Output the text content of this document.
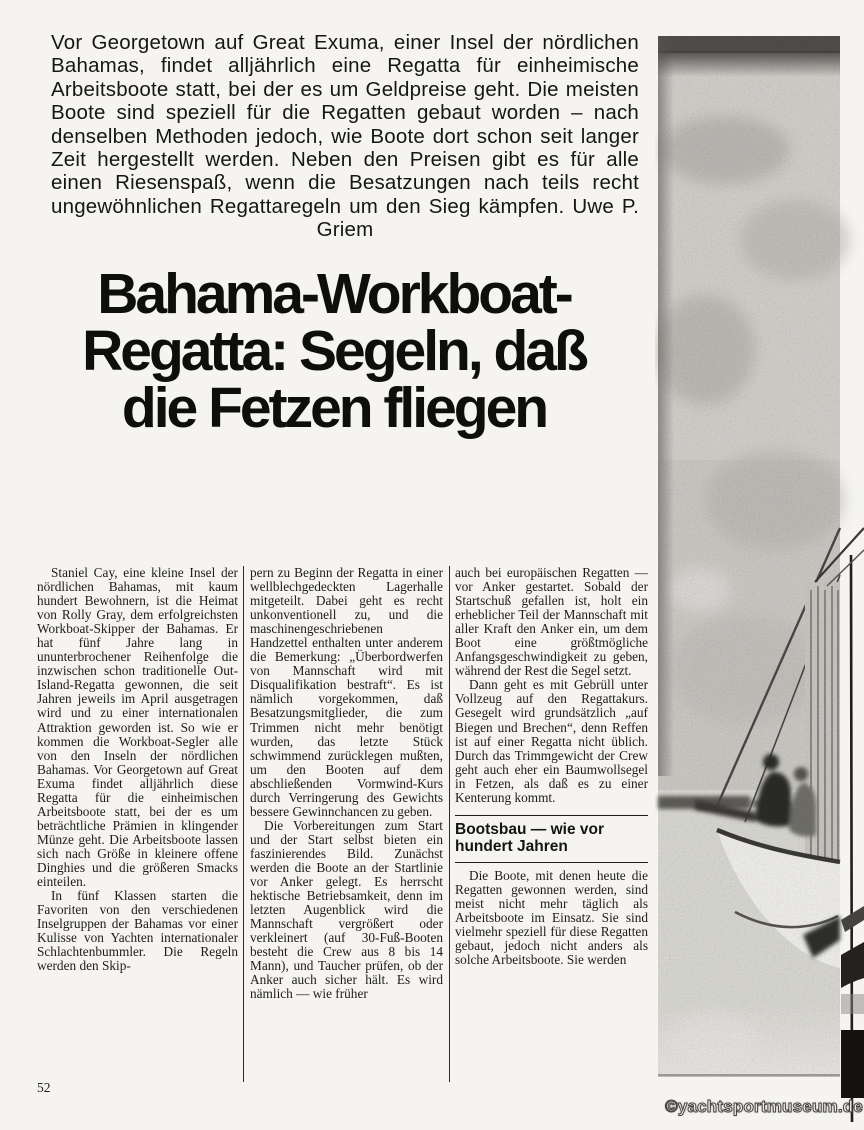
Vor Georgetown auf Great Exuma, einer Insel der nördlichen Bahamas, findet alljährlich eine Regatta für einheimische Arbeitsboote statt, bei der es um Geldpreise geht. Die meisten Boote sind speziell für die Regatten gebaut worden – nach denselben Methoden jedoch, wie Boote dort schon seit langer Zeit hergestellt werden. Neben den Preisen gibt es für alle einen Riesenspaß, wenn die Besatzungen nach teils recht ungewöhnlichen Regattaregeln um den Sieg kämpfen. Uwe P. Griem
Bahama-Workboat-
Regatta: Segeln, daß
die Fetzen fliegen

Staniel Cay, eine kleine Insel der nördlichen Bahamas, mit kaum hundert Bewohnern, ist die Heimat von Rolly Gray, dem erfolgreichsten Workboat-Skipper der Bahamas. Er hat fünf Jahre lang in ununterbrochener Reihenfolge die inzwischen schon traditionelle Out-Island-Regatta gewonnen, die seit Jahren jeweils im April ausgetragen wird und zu einer internationalen Attraktion geworden ist. So wie er kommen die Workboat-Segler alle von den Inseln der nördlichen Bahamas. Vor Georgetown auf Great Exuma findet alljährlich diese Regatta für die einheimischen Arbeitsboote statt, bei der es um beträchtliche Prämien in klingender Münze geht. Die Arbeitsboote lassen sich nach Größe in kleinere offene Dinghies und die größeren Smacks einteilen.

In fünf Klassen starten die Favoriten von den verschiedenen Inselgruppen der Bahamas vor einer Kulisse von Yachten internationaler Schlachtenbummler. Die Regeln werden den Skip-

pern zu Beginn der Regatta in einer wellblechgedeckten Lagerhalle mitgeteilt. Dabei geht es recht unkonventionell zu, und die maschinengeschriebenen Handzettel enthalten unter anderem die Bemerkung: „Überbordwerfen von Mannschaft wird mit Disqualifikation bestraft“. Es ist nämlich vorgekommen, daß Besatzungsmitglieder, die zum Trimmen nicht mehr benötigt wurden, das letzte Stück schwimmend zurücklegen mußten, um den Booten auf dem abschließenden Vormwind-Kurs durch Verringerung des Gewichts bessere Gewinnchancen zu geben.

Die Vorbereitungen zum Start und der Start selbst bieten ein faszinierendes Bild. Zunächst werden die Boote an der Startlinie vor Anker gelegt. Es herrscht hektische Betriebsamkeit, denn im letzten Augenblick wird die Mannschaft vergrößert oder verkleinert (auf 30-Fuß-Booten besteht die Crew aus 8 bis 14 Mann), und Taucher prüfen, ob der Anker auch sicher hält. Es wird nämlich — wie früher

auch bei europäischen Regatten — vor Anker gestartet. Sobald der Startschuß gefallen ist, holt ein erheblicher Teil der Mannschaft mit aller Kraft den Anker ein, um dem Boot eine größtmögliche Anfangsgeschwindigkeit zu geben, während der Rest die Segel setzt.

Dann geht es mit Gebrüll unter Vollzeug auf den Regattakurs. Gesegelt wird grundsätzlich „auf Biegen und Brechen“, denn Reffen ist auf einer Regatta nicht üblich. Durch das Trimmgewicht der Crew geht auch eher ein Baumwollsegel in Fetzen, als daß es zu einer Kenterung kommt.

Bootsbau — wie vor hundert Jahren

Die Boote, mit denen heute die Regatten gewonnen werden, sind meist nicht mehr täglich als Arbeitsboote im Einsatz. Sie sind vielmehr speziell für diese Regatten gebaut, jedoch nicht anders als solche Arbeitsboote. Sie werden

52
©yachtsportmuseum.de
